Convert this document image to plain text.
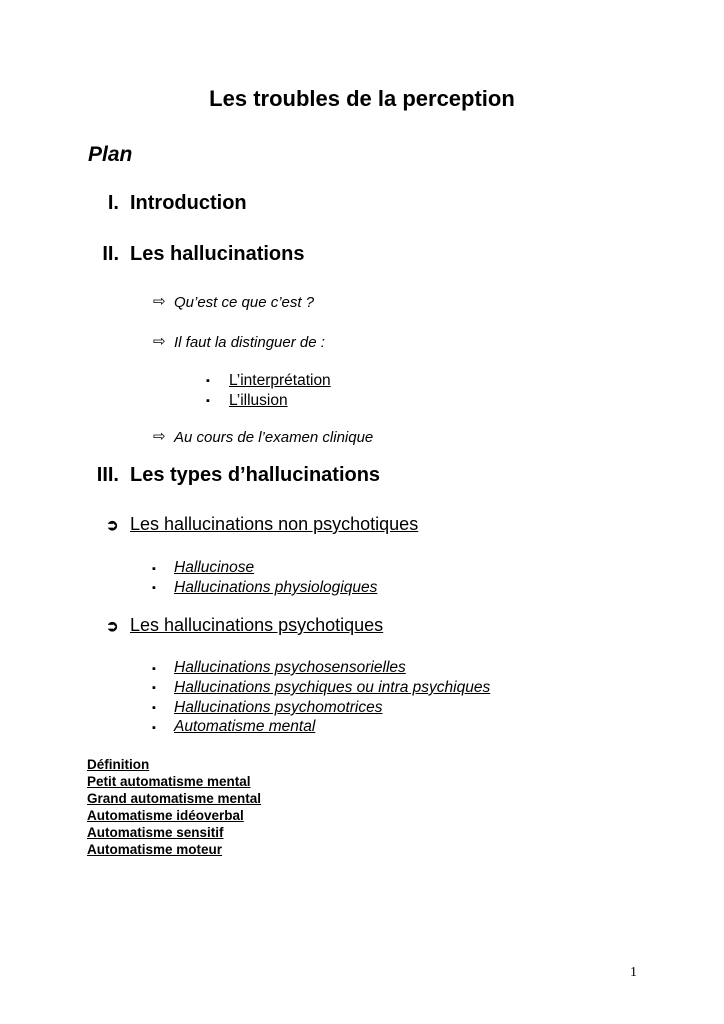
Les troubles de la perception
Plan
I. Introduction
II. Les hallucinations
⇨ Qu’est ce que c’est ?
⇨ Il faut la distinguer de :
▪ L’interprétation
▪ L’illusion
⇨ Au cours de l’examen clinique
III. Les types d’hallucinations
➲ Les hallucinations non psychotiques
▪ Hallucinose
▪ Hallucinations physiologiques
➲ Les hallucinations psychotiques
▪ Hallucinations psychosensorielles
▪ Hallucinations psychiques ou intra psychiques
▪ Hallucinations psychomotrices
▪ Automatisme mental
Définition
Petit automatisme mental
Grand automatisme mental
Automatisme idéoverbal
Automatisme sensitif
Automatisme moteur
1
